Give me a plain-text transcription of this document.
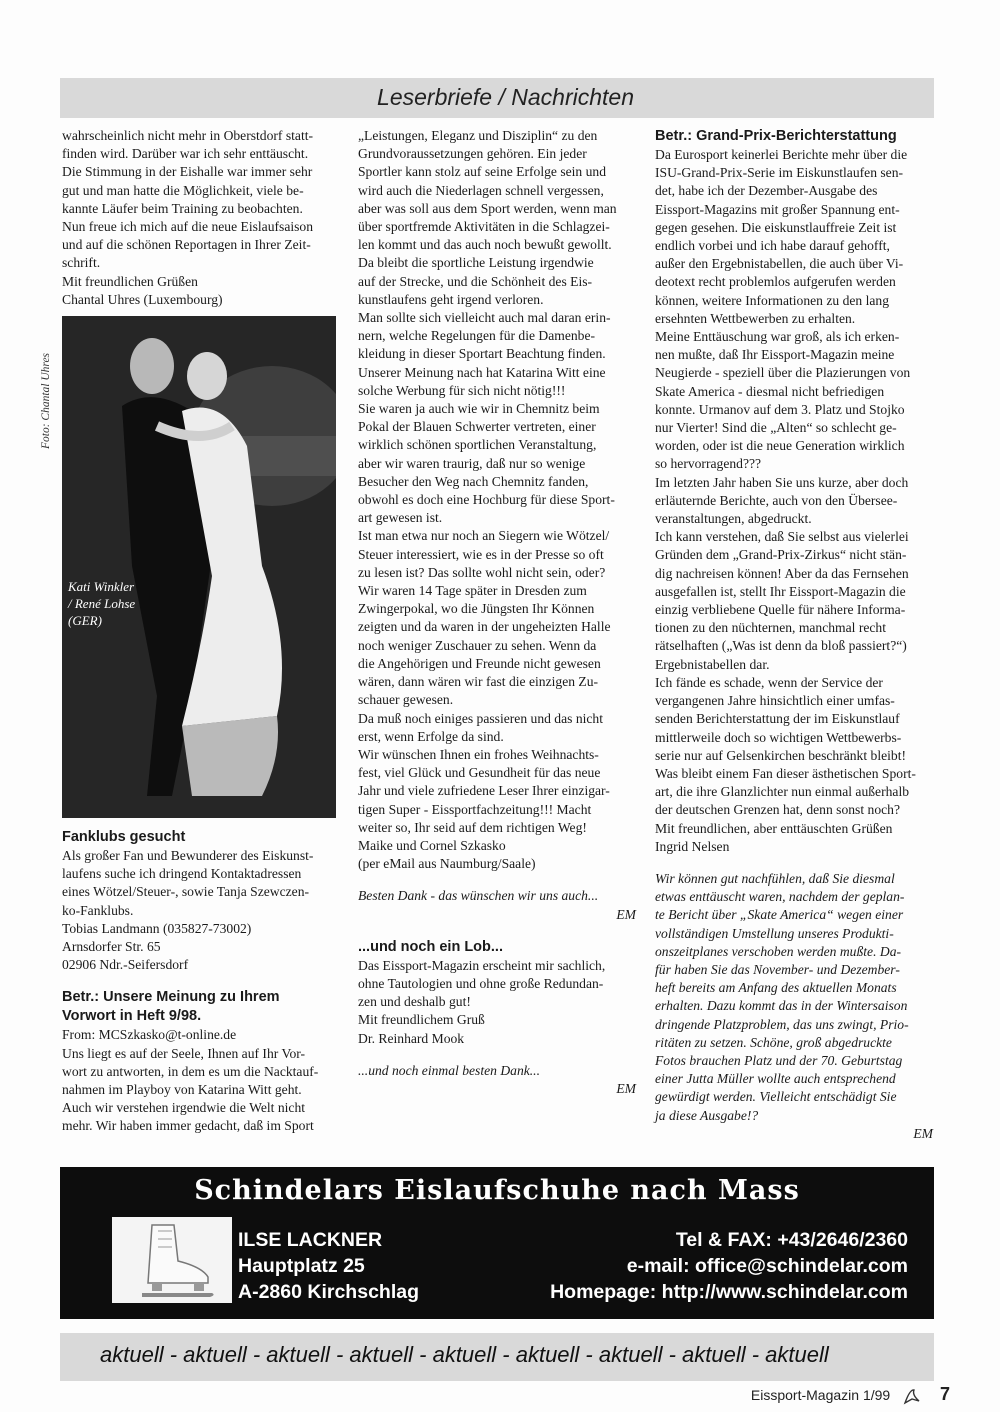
Leserbriefe / Nachrichten

wahrscheinlich nicht mehr in Oberstdorf statt-

finden wird. Darüber war ich sehr enttäuscht.

Die Stimmung in der Eishalle war immer sehr

gut und man hatte die Möglichkeit, viele be-

kannte Läufer beim Training zu beobachten.

Nun freue ich mich auf die neue Eislaufsaison

und auf die schönen Reportagen in Ihrer Zeit-

schrift.

Mit freundlichen Grüßen

Chantal Uhres (Luxembourg)

Foto: Chantal Uhres
Kati Winkler
/ René Lohse
(GER)

Fanklubs gesucht

Als großer Fan und Bewunderer des Eiskunst-

laufens suche ich dringend Kontaktadressen

eines Wötzel/Steuer-, sowie Tanja Szewczen-

ko-Fanklubs.

Tobias Landmann (035827-73002)

Arnsdorfer Str. 65

02906 Ndr.-Seifersdorf

Betr.: Unsere Meinung zu Ihrem

Vorwort in Heft 9/98.

From: MCSzkasko@t-online.de

Uns liegt es auf der Seele, Ihnen auf Ihr Vor-

wort zu antworten, in dem es um die Nacktauf-

nahmen im Playboy von Katarina Witt geht.

Auch wir verstehen irgendwie die Welt nicht

mehr. Wir haben immer gedacht, daß im Sport

„Leistungen, Eleganz und Disziplin“ zu den

Grundvoraussetzungen gehören. Ein jeder

Sportler kann stolz auf seine Erfolge sein und

wird auch die Niederlagen schnell vergessen,

aber was soll aus dem Sport werden, wenn man

über sportfremde Aktivitäten in die Schlagzei-

len kommt und das auch noch bewußt gewollt.

Da bleibt die sportliche Leistung irgendwie

auf der Strecke, und die Schönheit des Eis-

kunstlaufens geht irgend verloren.

Man sollte sich vielleicht auch mal daran erin-

nern, welche Regelungen für die Damenbe-

kleidung in dieser Sportart Beachtung finden.

Unserer Meinung nach hat Katarina Witt eine

solche Werbung für sich nicht nötig!!!

Sie waren ja auch wie wir in Chemnitz beim

Pokal der Blauen Schwerter vertreten, einer

wirklich schönen sportlichen Veranstaltung,

aber wir waren traurig, daß nur so wenige

Besucher den Weg nach Chemnitz fanden,

obwohl es doch eine Hochburg für diese Sport-

art gewesen ist.

Ist man etwa nur noch an Siegern wie Wötzel/

Steuer interessiert, wie es in der Presse so oft

zu lesen ist? Das sollte wohl nicht sein, oder?

Wir waren 14 Tage später in Dresden zum

Zwingerpokal, wo die Jüngsten Ihr Können

zeigten und da waren in der ungeheizten Halle

noch weniger Zuschauer zu sehen. Wenn da

die Angehörigen und Freunde nicht gewesen

wären, dann wären wir fast die einzigen Zu-

schauer gewesen.

Da muß noch einiges passieren und das nicht

erst, wenn Erfolge da sind.

Wir wünschen Ihnen ein frohes Weihnachts-

fest, viel Glück und Gesundheit für das neue

Jahr und viele zufriedene Leser Ihrer einzigar-

tigen Super - Eissportfachzeitung!!! Macht

weiter so, Ihr seid auf dem richtigen Weg!

Maike und Cornel Szkasko

(per eMail aus Naumburg/Saale)

Besten Dank - das wünschen wir uns auch...

EM

...und noch ein Lob...

Das Eissport-Magazin erscheint mir sachlich,

ohne Tautologien und ohne große Redundan-

zen und deshalb gut!

Mit freundlichem Gruß

Dr. Reinhard Mook

...und noch einmal besten Dank...

EM

Betr.: Grand-Prix-Berichterstattung

Da Eurosport keinerlei Berichte mehr über die

ISU-Grand-Prix-Serie im Eiskunstlaufen sen-

det, habe ich der Dezember-Ausgabe des

Eissport-Magazins mit großer Spannung ent-

gegen gesehen. Die eiskunstlauffreie Zeit ist

endlich vorbei und ich habe darauf gehofft,

außer den Ergebnistabellen, die auch über Vi-

deotext recht problemlos aufgerufen werden

können, weitere Informationen zu den lang

ersehnten Wettbewerben zu erhalten.

Meine Enttäuschung war groß, als ich erken-

nen mußte, daß Ihr Eissport-Magazin meine

Neugierde - speziell über die Plazierungen von

Skate America - diesmal nicht befriedigen

konnte. Urmanov auf dem 3. Platz und Stojko

nur Vierter! Sind die „Alten“ so schlecht ge-

worden, oder ist die neue Generation wirklich

so hervorragend???

Im letzten Jahr haben Sie uns kurze, aber doch

erläuternde Berichte, auch von den Übersee-

veranstaltungen, abgedruckt.

Ich kann verstehen, daß Sie selbst aus vielerlei

Gründen dem „Grand-Prix-Zirkus“ nicht stän-

dig nachreisen können! Aber da das Fernsehen

ausgefallen ist, stellt Ihr Eissport-Magazin die

einzig verbliebene Quelle für nähere Informa-

tionen zu den nüchternen, manchmal recht

rätselhaften („Was ist denn da bloß passiert?“)

Ergebnistabellen dar.

Ich fände es schade, wenn der Service der

vergangenen Jahre hinsichtlich einer umfas-

senden Berichterstattung der im Eiskunstlauf

mittlerweile doch so wichtigen Wettbewerbs-

serie nur auf Gelsenkirchen beschränkt bleibt!

Was bleibt einem Fan dieser ästhetischen Sport-

art, die ihre Glanzlichter nun einmal außerhalb

der deutschen Grenzen hat, denn sonst noch?

Mit freundlichen, aber enttäuschten Grüßen

Ingrid Nelsen

Wir können gut nachfühlen, daß Sie diesmal

etwas enttäuscht waren, nachdem der geplan-

te Bericht über „Skate America“ wegen einer

vollständigen Umstellung unseres Produkti-

onszeitplanes verschoben werden mußte. Da-

für haben Sie das November- und Dezember-

heft bereits am Anfang des aktuellen Monats

erhalten. Dazu kommt das in der Wintersaison

dringende Platzproblem, das uns zwingt, Prio-

ritäten zu setzen. Schöne, groß abgedruckte

Fotos brauchen Platz und der 70. Geburtstag

einer Jutta Müller wollte auch entsprechend

gewürdigt werden. Vielleicht entschädigt Sie

ja diese Ausgabe!?

EM

Schindelars Eislaufschuhe nach Mass
ILSE LACKNER
Hauptplatz 25
A-2860 Kirchschlag
Tel & FAX: +43/2646/2360
e-mail: office@schindelar.com
Homepage: http://www.schindelar.com
aktuell - aktuell - aktuell - aktuell - aktuell - aktuell - aktuell - aktuell - aktuell
Eissport-Magazin 1/99	7
